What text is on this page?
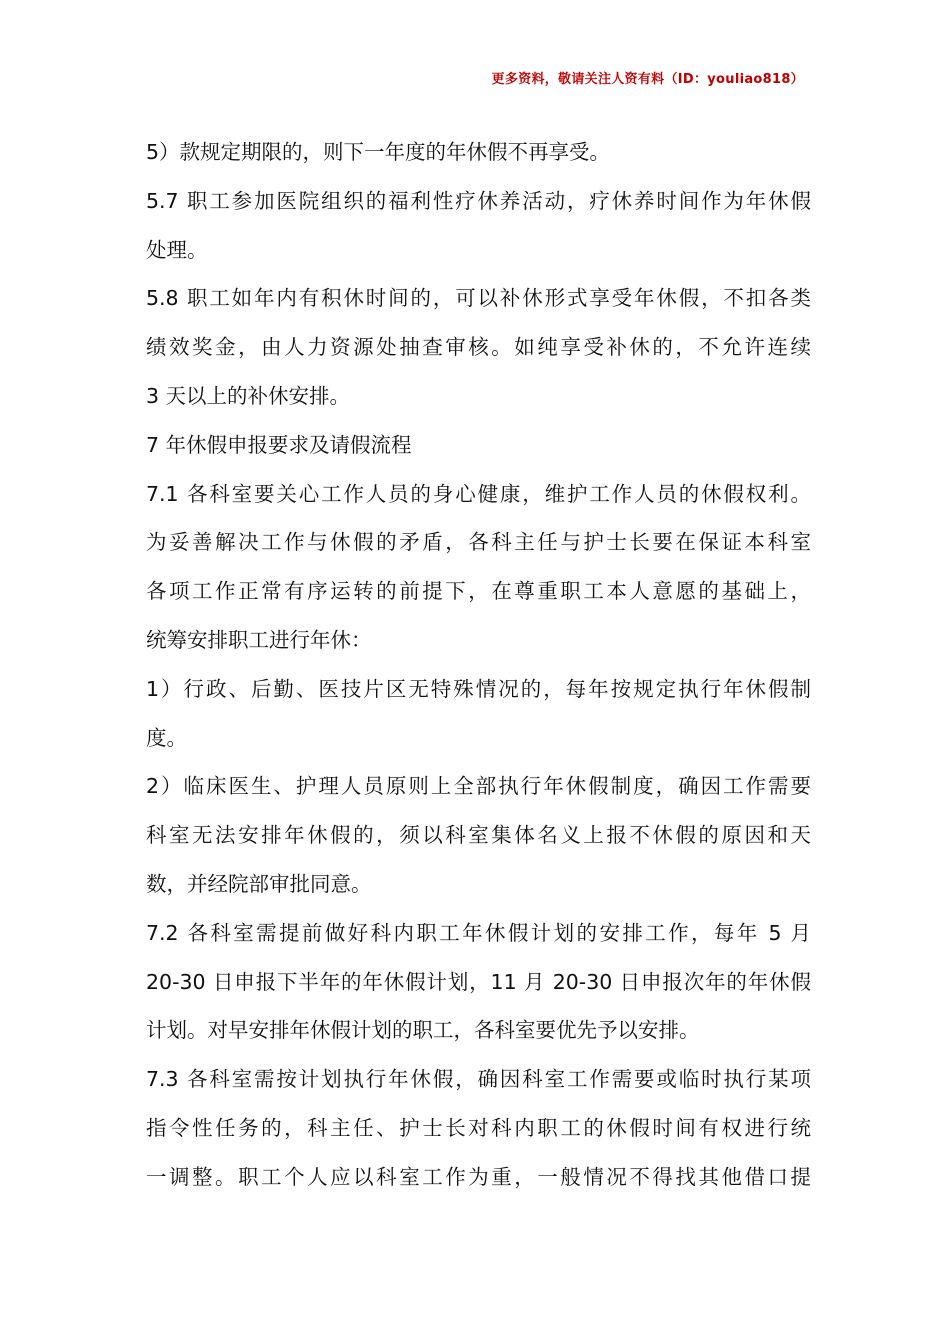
更多资料，敬请关注人资有料（ID：youliao818）
5）款规定期限的，则下一年度的年休假不再享受。
5.7 职工参加医院组织的福利性疗休养活动，疗休养时间作为年休假
处理。
5.8 职工如年内有积休时间的，可以补休形式享受年休假，不扣各类
绩效奖金，由人力资源处抽查审核。如纯享受补休的，不允许连续
3 天以上的补休安排。
7 年休假申报要求及请假流程
7.1 各科室要关心工作人员的身心健康，维护工作人员的休假权利。
为妥善解决工作与休假的矛盾，各科主任与护士长要在保证本科室
各项工作正常有序运转的前提下，在尊重职工本人意愿的基础上，
统筹安排职工进行年休：
1）行政、后勤、医技片区无特殊情况的，每年按规定执行年休假制
度。
2）临床医生、护理人员原则上全部执行年休假制度，确因工作需要
科室无法安排年休假的，须以科室集体名义上报不休假的原因和天
数，并经院部审批同意。
7.2 各科室需提前做好科内职工年休假计划的安排工作，每年 5 月
20-30 日申报下半年的年休假计划，11 月 20-30 日申报次年的年休假
计划。对早安排年休假计划的职工，各科室要优先予以安排。
7.3 各科室需按计划执行年休假，确因科室工作需要或临时执行某项
指令性任务的，科主任、护士长对科内职工的休假时间有权进行统
一调整。职工个人应以科室工作为重，一般情况不得找其他借口提
